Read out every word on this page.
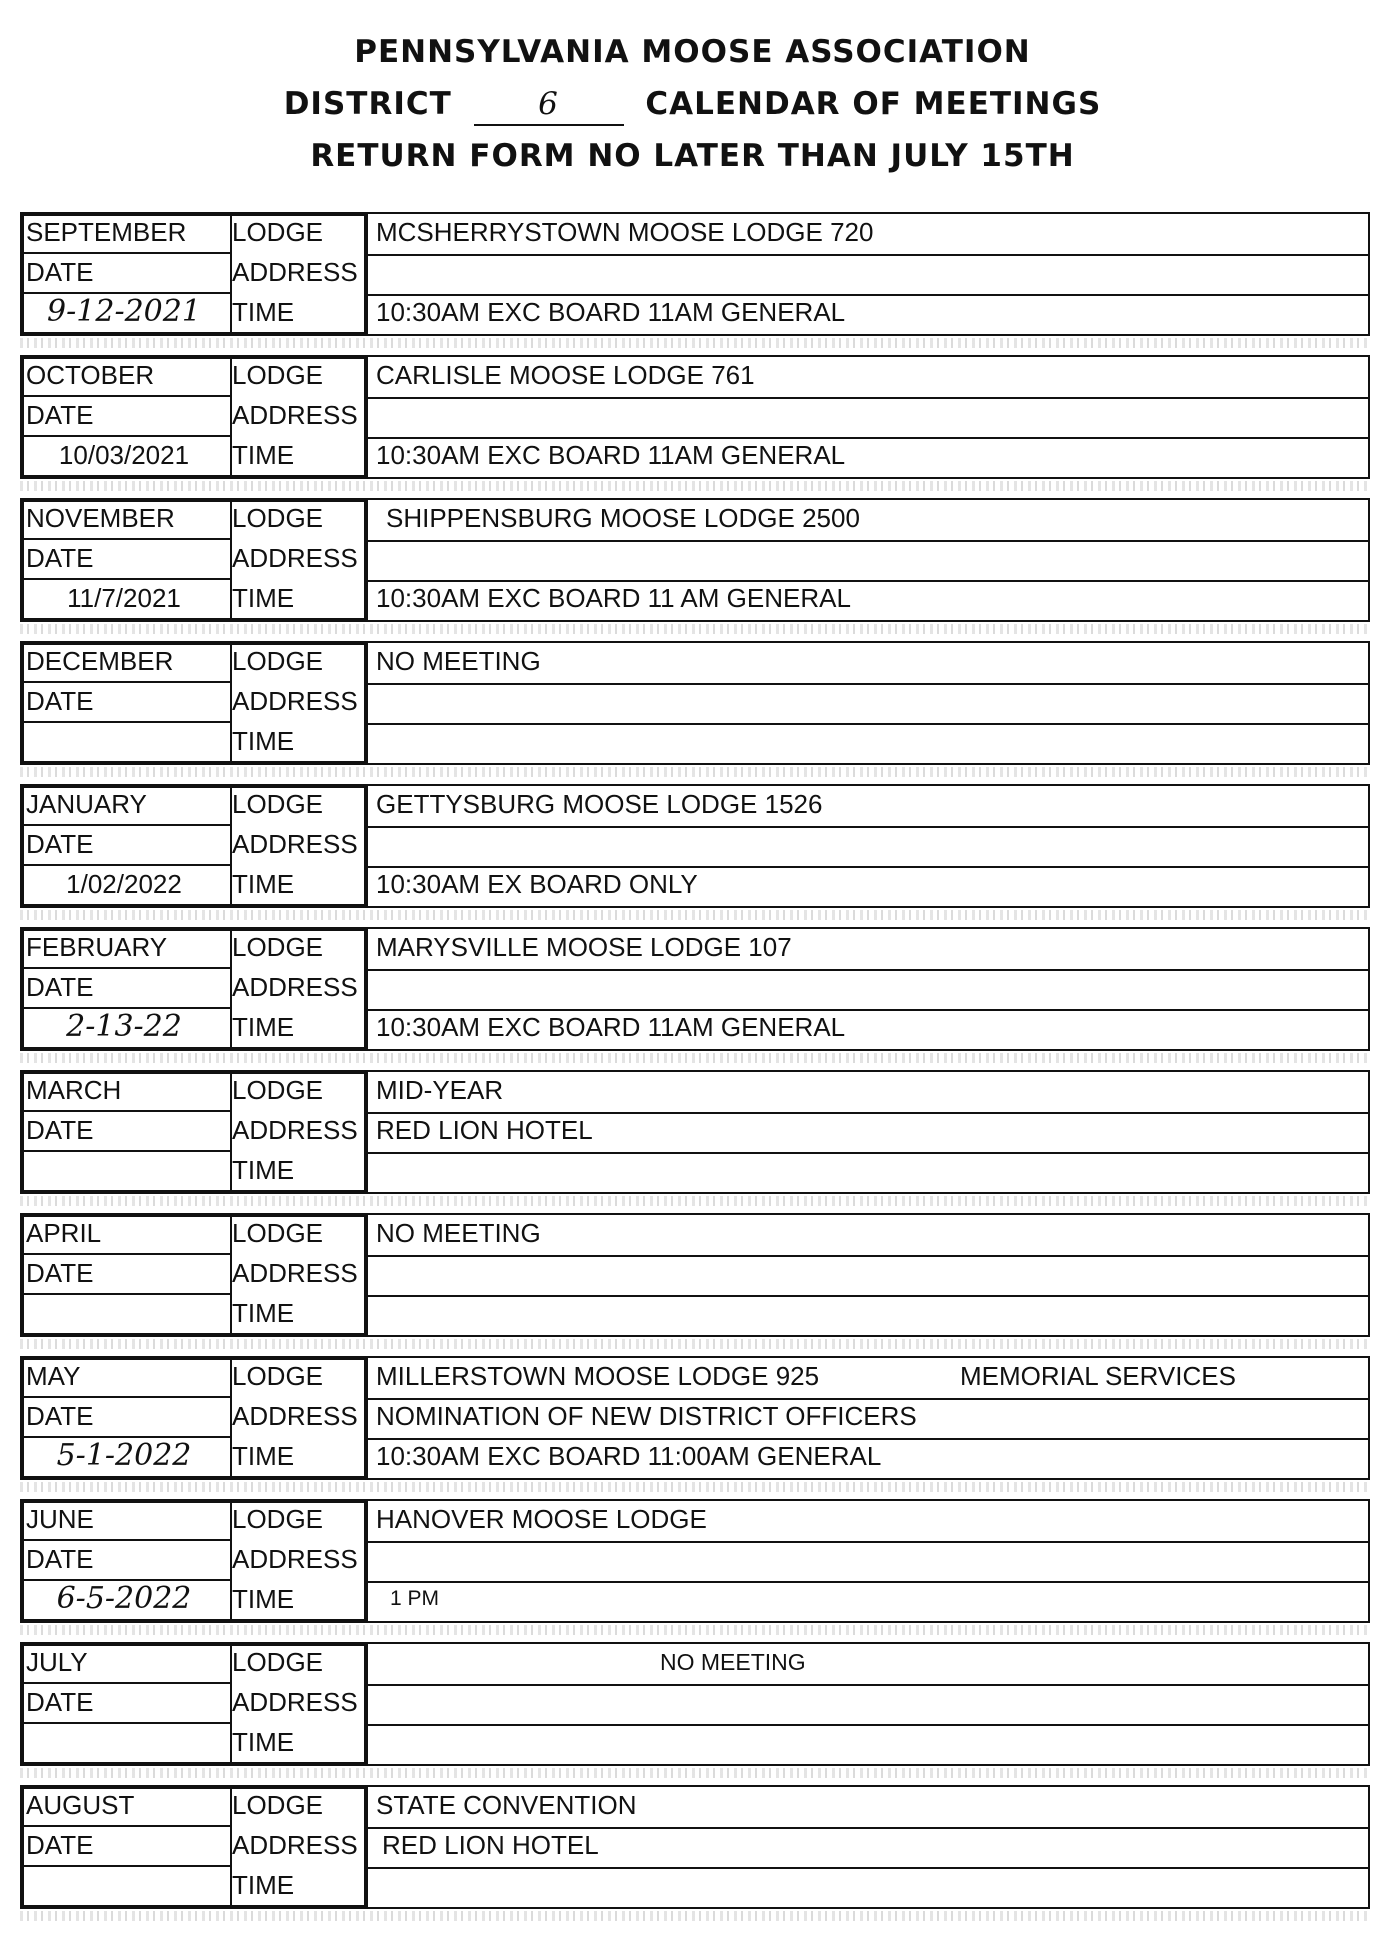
PENNSYLVANIA MOOSE ASSOCIATION
DISTRICT	6	CALENDAR OF MEETINGS
RETURN FORM NO LATER THAN JULY 15TH
SEPTEMBER
DATE
9-12-2021
LODGE
ADDRESS
TIME
MCSHERRYSTOWN MOOSE LODGE 720
10:30AM EXC BOARD 11AM GENERAL
OCTOBER
DATE
10/03/2021
LODGE
ADDRESS
TIME
CARLISLE MOOSE LODGE 761
10:30AM EXC BOARD 11AM GENERAL
NOVEMBER
DATE
11/7/2021
LODGE
ADDRESS
TIME
SHIPPENSBURG MOOSE LODGE 2500
10:30AM EXC BOARD 11 AM GENERAL
DECEMBER
DATE
LODGE
ADDRESS
TIME
NO MEETING
JANUARY
DATE
1/02/2022
LODGE
ADDRESS
TIME
GETTYSBURG MOOSE LODGE 1526
10:30AM EX BOARD ONLY
FEBRUARY
DATE
2-13-22
LODGE
ADDRESS
TIME
MARYSVILLE MOOSE LODGE 107
10:30AM EXC BOARD 11AM GENERAL
MARCH
DATE
LODGE
ADDRESS
TIME
MID-YEAR
RED LION HOTEL
APRIL
DATE
LODGE
ADDRESS
TIME
NO MEETING
MAY
DATE
5-1-2022
LODGE
ADDRESS
TIME
MILLERSTOWN MOOSE LODGE 925
NOMINATION OF NEW DISTRICT OFFICERS
10:30AM EXC BOARD 11:00AM GENERAL
MEMORIAL SERVICES
JUNE
DATE
6-5-2022
LODGE
ADDRESS
TIME
HANOVER MOOSE LODGE
1 PM
JULY
DATE
LODGE
ADDRESS
TIME
NO MEETING
AUGUST
DATE
LODGE
ADDRESS
TIME
STATE CONVENTION
RED LION HOTEL
